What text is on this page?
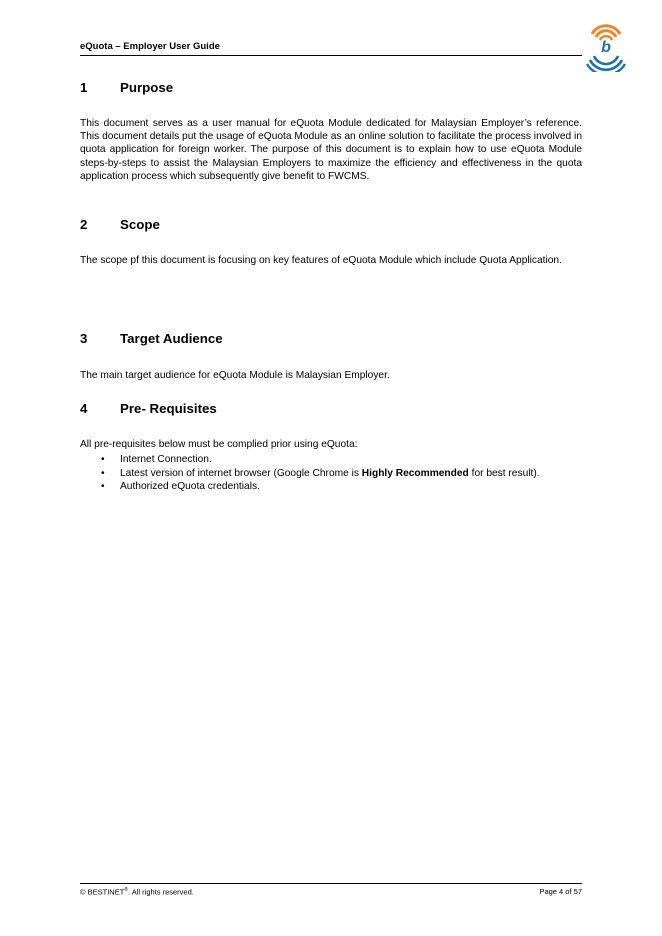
eQuota – Employer User Guide	b
1 Purpose

This document serves as a user manual for eQuota Module dedicated for Malaysian Employer’s reference. This document details put the usage of eQuota Module as an online solution to facilitate the process involved in quota application for foreign worker. The purpose of this document is to explain how to use eQuota Module steps-by-steps to assist the Malaysian Employers to maximize the efficiency and effectiveness in the quota application process which subsequently give benefit to FWCMS.

2 Scope

The scope pf this document is focusing on key features of eQuota Module which include Quota Application.

3 Target Audience

The main target audience for eQuota Module is Malaysian Employer.

4 Pre- Requisites

All pre-requisites below must be complied prior using eQuota:

• Internet Connection.
• Latest version of internet browser (Google Chrome is Highly Recommended for best result).
• Authorized eQuota credentials.
© BESTINET®. All rights reserved.	Page 4 of 57
